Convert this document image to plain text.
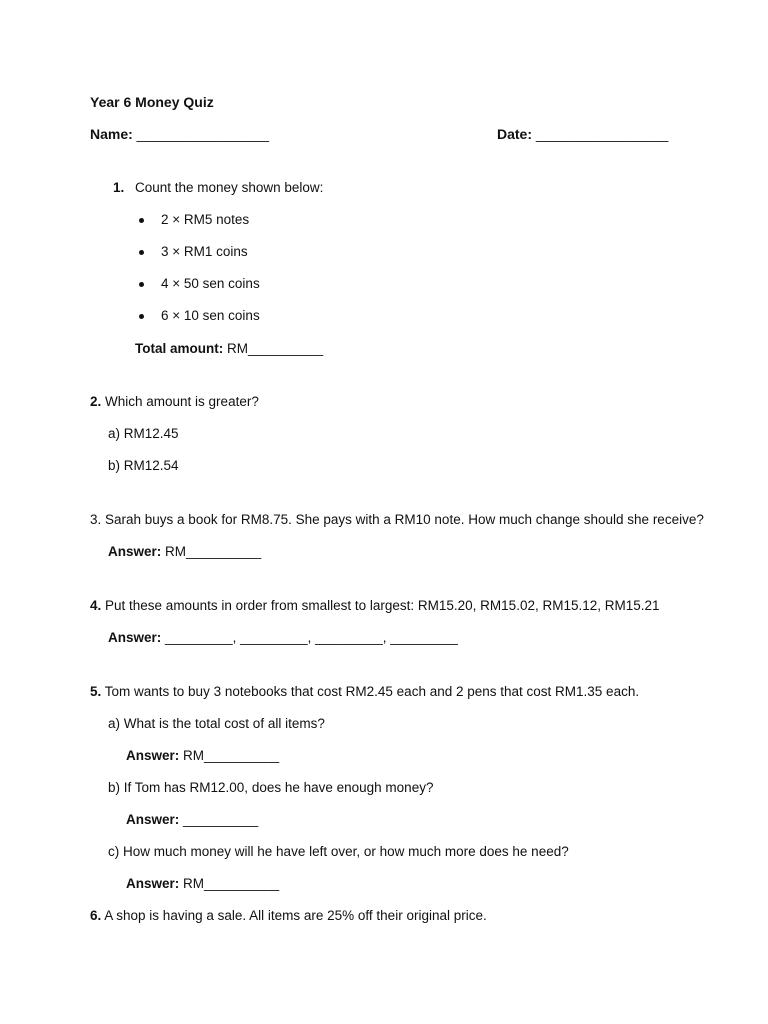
Year 6 Money Quiz
Name: _________________	Date: _________________
1. Count the money shown below:
2 × RM5 notes
3 × RM1 coins
4 × 50 sen coins
6 × 10 sen coins
Total amount: RM__________
2. Which amount is greater?
a) RM12.45
b) RM12.54
3. Sarah buys a book for RM8.75. She pays with a RM10 note. How much change should she receive?
Answer: RM__________
4. Put these amounts in order from smallest to largest: RM15.20, RM15.02, RM15.12, RM15.21
Answer: _________, _________, _________, _________
5. Tom wants to buy 3 notebooks that cost RM2.45 each and 2 pens that cost RM1.35 each.
a) What is the total cost of all items?
Answer: RM__________
b) If Tom has RM12.00, does he have enough money?
Answer: __________
c) How much money will he have left over, or how much more does he need?
Answer: RM__________
6. A shop is having a sale. All items are 25% off their original price.
